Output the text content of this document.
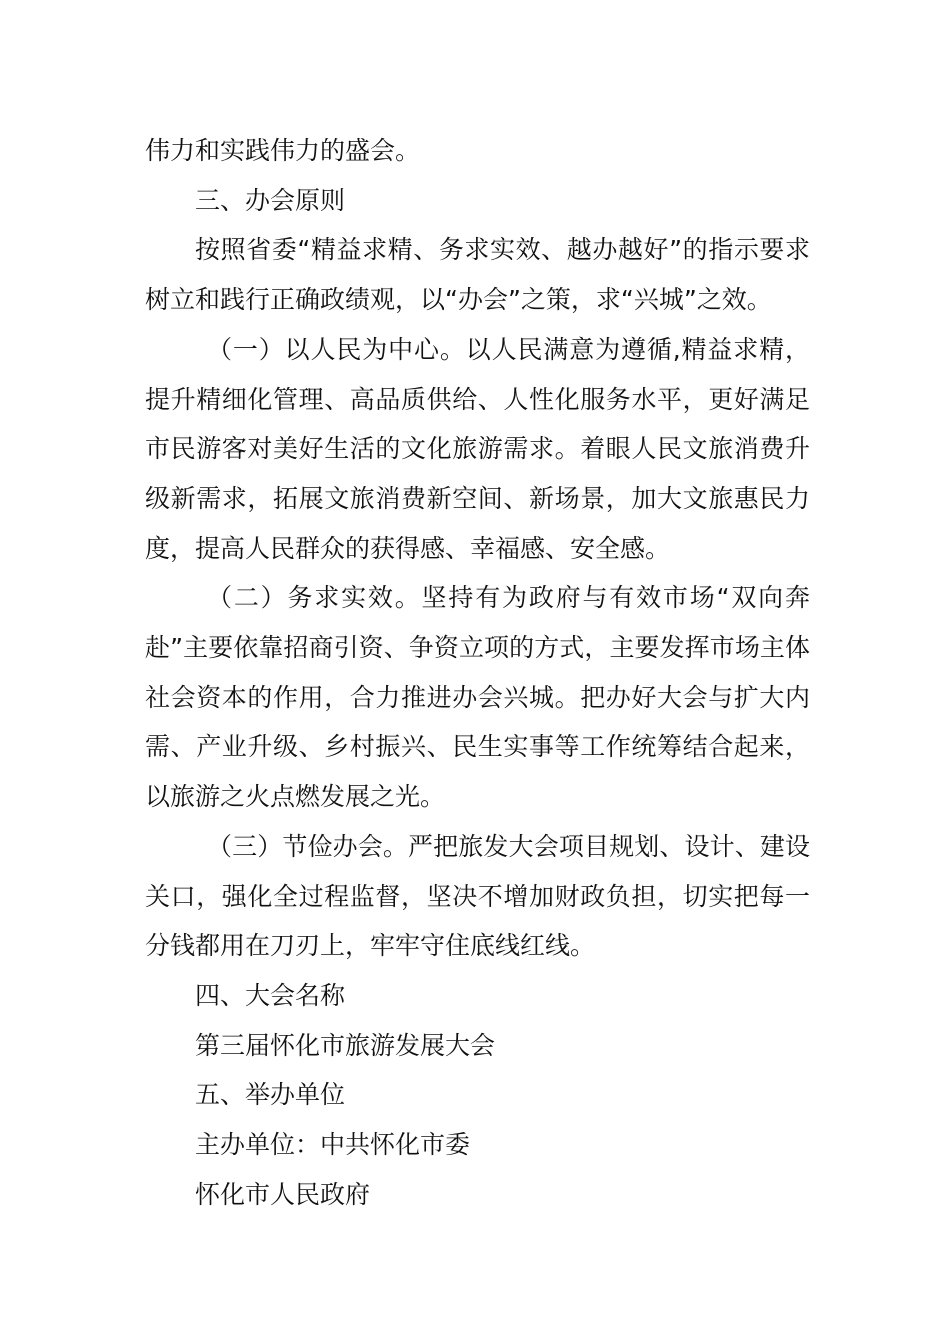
伟力和实践伟力的盛会。

三、办会原则

按照省委“精益求精、务求实效、越办越好”的指示要求树立和践行正确政绩观，以“办会”之策，求“兴城”之效。

（一）以人民为中心。以人民满意为遵循,精益求精，提升精细化管理、高品质供给、人性化服务水平，更好满足市民游客对美好生活的文化旅游需求。着眼人民文旅消费升级新需求，拓展文旅消费新空间、新场景，加大文旅惠民力度，提高人民群众的获得感、幸福感、安全感。

（二）务求实效。坚持有为政府与有效市场“双向奔赴”主要依靠招商引资、争资立项的方式，主要发挥市场主体社会资本的作用，合力推进办会兴城。把办好大会与扩大内需、产业升级、乡村振兴、民生实事等工作统筹结合起来，以旅游之火点燃发展之光。

（三）节俭办会。严把旅发大会项目规划、设计、建设关口，强化全过程监督，坚决不增加财政负担，切实把每一分钱都用在刀刃上，牢牢守住底线红线。

四、大会名称

第三届怀化市旅游发展大会

五、举办单位

主办单位：中共怀化市委

怀化市人民政府
